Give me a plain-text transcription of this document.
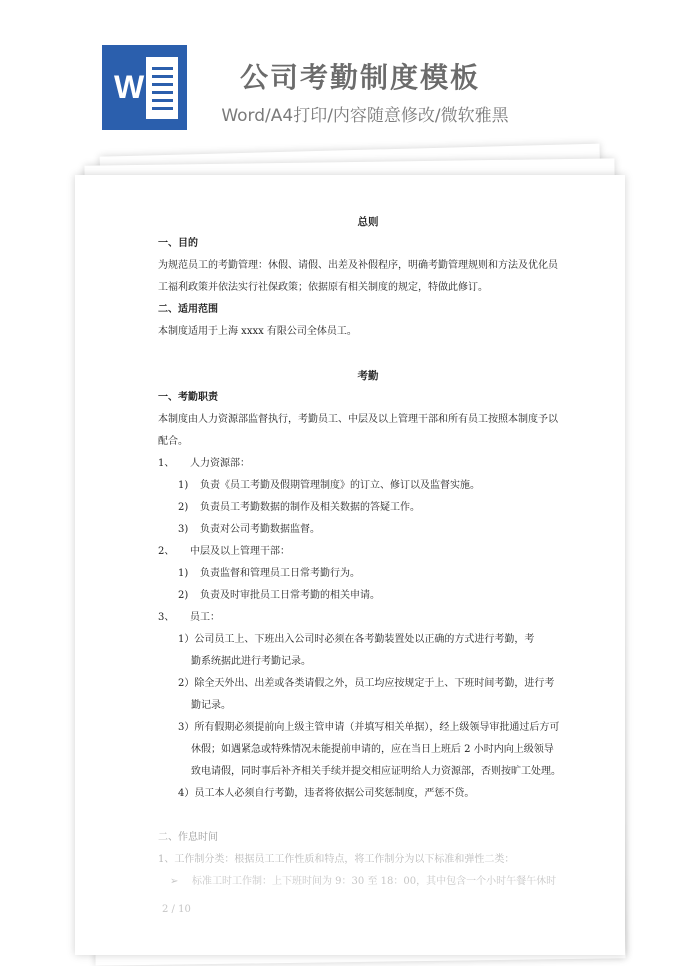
W	公司考勤制度模板
Word/A4打印/内容随意修改/微软雅黑
总则
一、目的
为规范员工的考勤管理：休假、请假、出差及补假程序，明确考勤管理规则和方法及优化员
工福利政策并依法实行社保政策；依据原有相关制度的规定，特做此修订。
二、适用范围
本制度适用于上海 xxxx 有限公司全体员工。
考勤
一、考勤职责
本制度由人力资源部监督执行，考勤员工、中层及以上管理干部和所有员工按照本制度予以
配合。
1、 人力资源部：
1) 负责《员工考勤及假期管理制度》的订立、修订以及监督实施。
2) 负责员工考勤数据的制作及相关数据的答疑工作。
3) 负责对公司考勤数据监督。
2、 中层及以上管理干部：
1) 负责监督和管理员工日常考勤行为。
2) 负责及时审批员工日常考勤的相关申请。
3、 员工：
1）公司员工上、下班出入公司时必须在各考勤装置处以正确的方式进行考勤，考
勤系统据此进行考勤记录。
2）除全天外出、出差或各类请假之外，员工均应按规定于上、下班时间考勤，进行考
勤记录。
3）所有假期必须提前向上级主管申请（并填写相关单据），经上级领导审批通过后方可
休假；如遇紧急或特殊情况未能提前申请的，应在当日上班后 2 小时内向上级领导
致电请假，同时事后补齐相关手续并提交相应证明给人力资源部，否则按旷工处理。
4）员工本人必须自行考勤，违者将依据公司奖惩制度，严惩不贷。
二、作息时间
1、工作制分类：根据员工工作性质和特点，将工作制分为以下标准和弹性二类：
➢ 标准工时工作制：上下班时间为 9：30 至 18：00，其中包含一个小时午餐午休时
2 / 10
